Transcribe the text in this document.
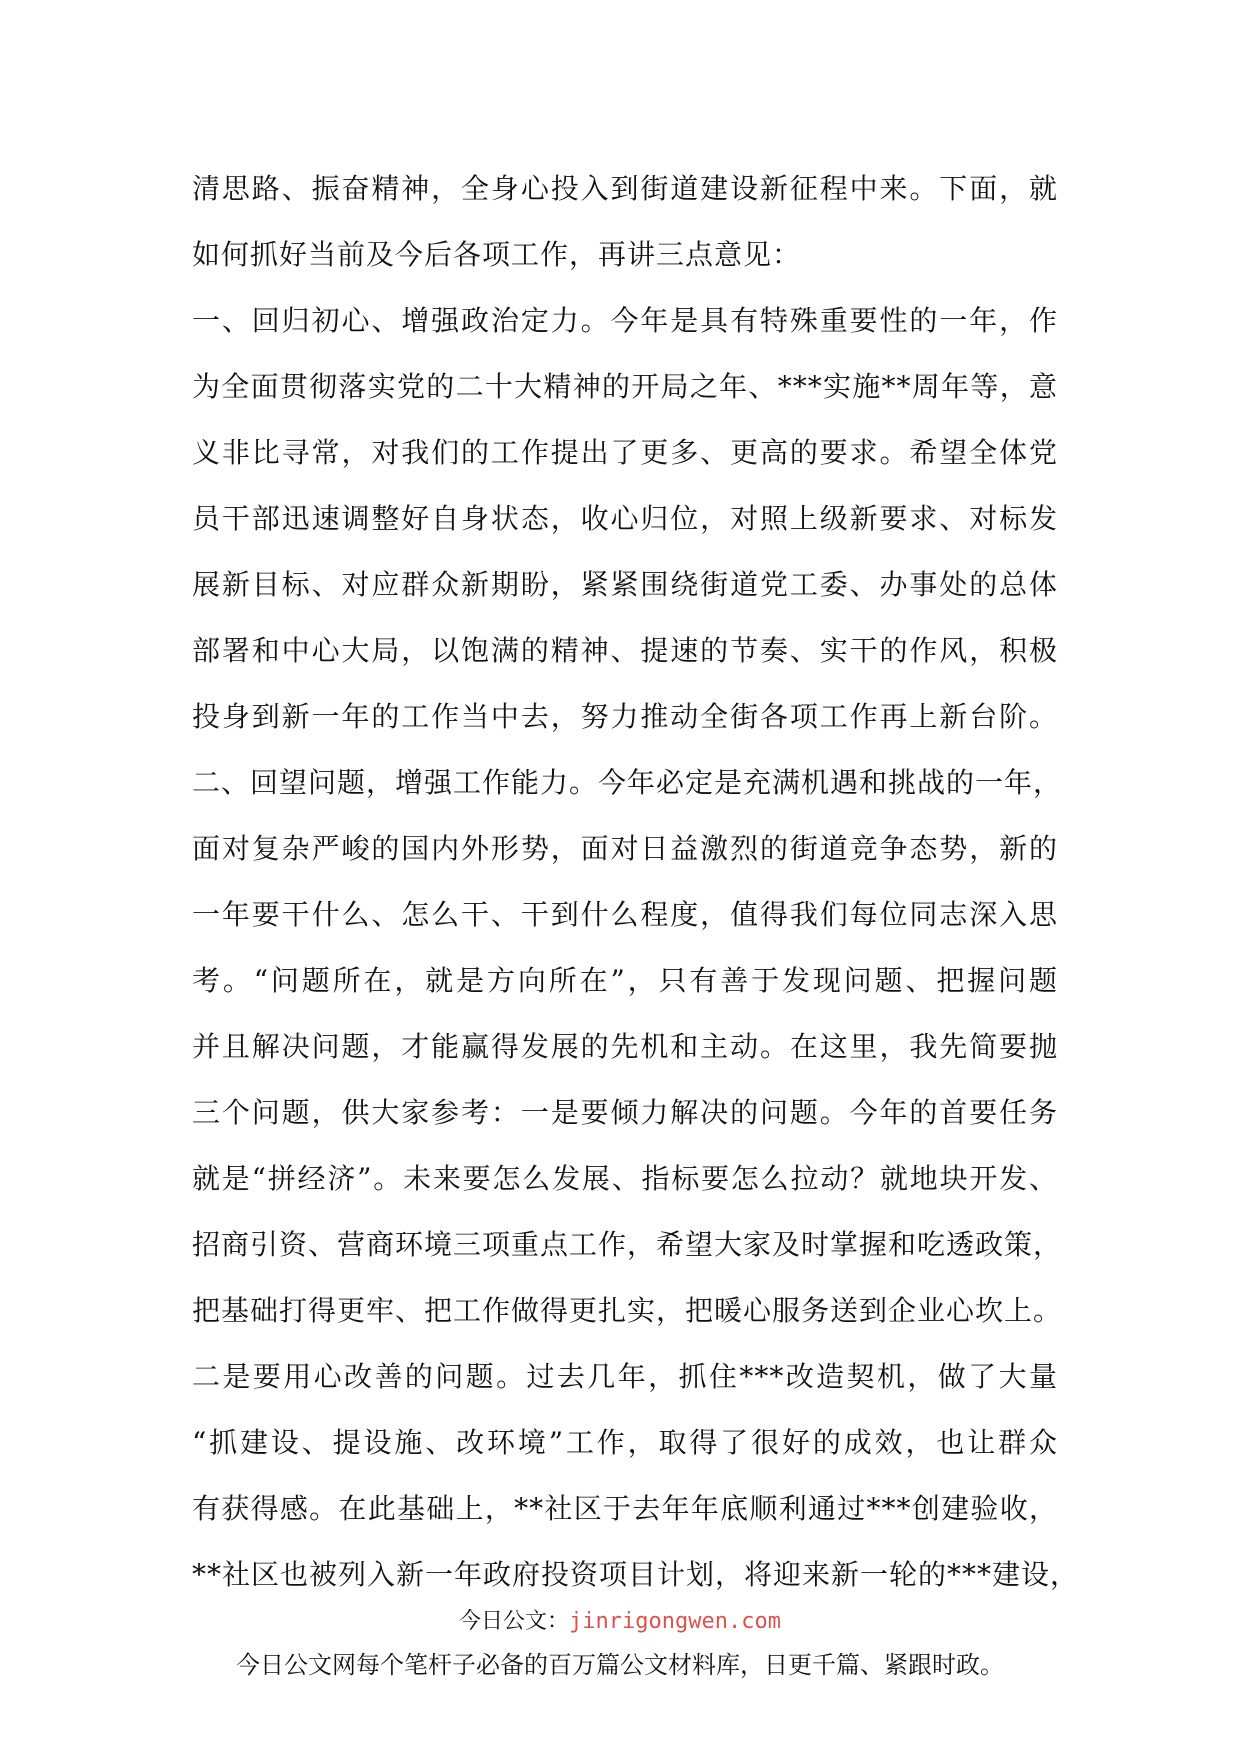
清思路、振奋精神，全身心投入到街道建设新征程中来。下面，就
如何抓好当前及今后各项工作，再讲三点意见：
一、回归初心、增强政治定力。今年是具有特殊重要性的一年，作
为全面贯彻落实党的二十大精神的开局之年、***实施**周年等，意
义非比寻常，对我们的工作提出了更多、更高的要求。希望全体党
员干部迅速调整好自身状态，收心归位，对照上级新要求、对标发
展新目标、对应群众新期盼，紧紧围绕街道党工委、办事处的总体
部署和中心大局，以饱满的精神、提速的节奏、实干的作风，积极
投身到新一年的工作当中去，努力推动全街各项工作再上新台阶。
二、回望问题，增强工作能力。今年必定是充满机遇和挑战的一年，
面对复杂严峻的国内外形势，面对日益激烈的街道竞争态势，新的
一年要干什么、怎么干、干到什么程度，值得我们每位同志深入思
考。“问题所在，就是方向所在”，只有善于发现问题、把握问题
并且解决问题，才能赢得发展的先机和主动。在这里，我先简要抛
三个问题，供大家参考：一是要倾力解决的问题。今年的首要任务
就是“拼经济”。未来要怎么发展、指标要怎么拉动？就地块开发、
招商引资、营商环境三项重点工作，希望大家及时掌握和吃透政策，
把基础打得更牢、把工作做得更扎实，把暖心服务送到企业心坎上。
二是要用心改善的问题。过去几年，抓住***改造契机，做了大量
“抓建设、提设施、改环境”工作，取得了很好的成效，也让群众
有获得感。在此基础上，**社区于去年年底顺利通过***创建验收，
**社区也被列入新一年政府投资项目计划，将迎来新一轮的***建设，
今日公文：jinrigongwen.com
今日公文网每个笔杆子必备的百万篇公文材料库，日更千篇、紧跟时政。
